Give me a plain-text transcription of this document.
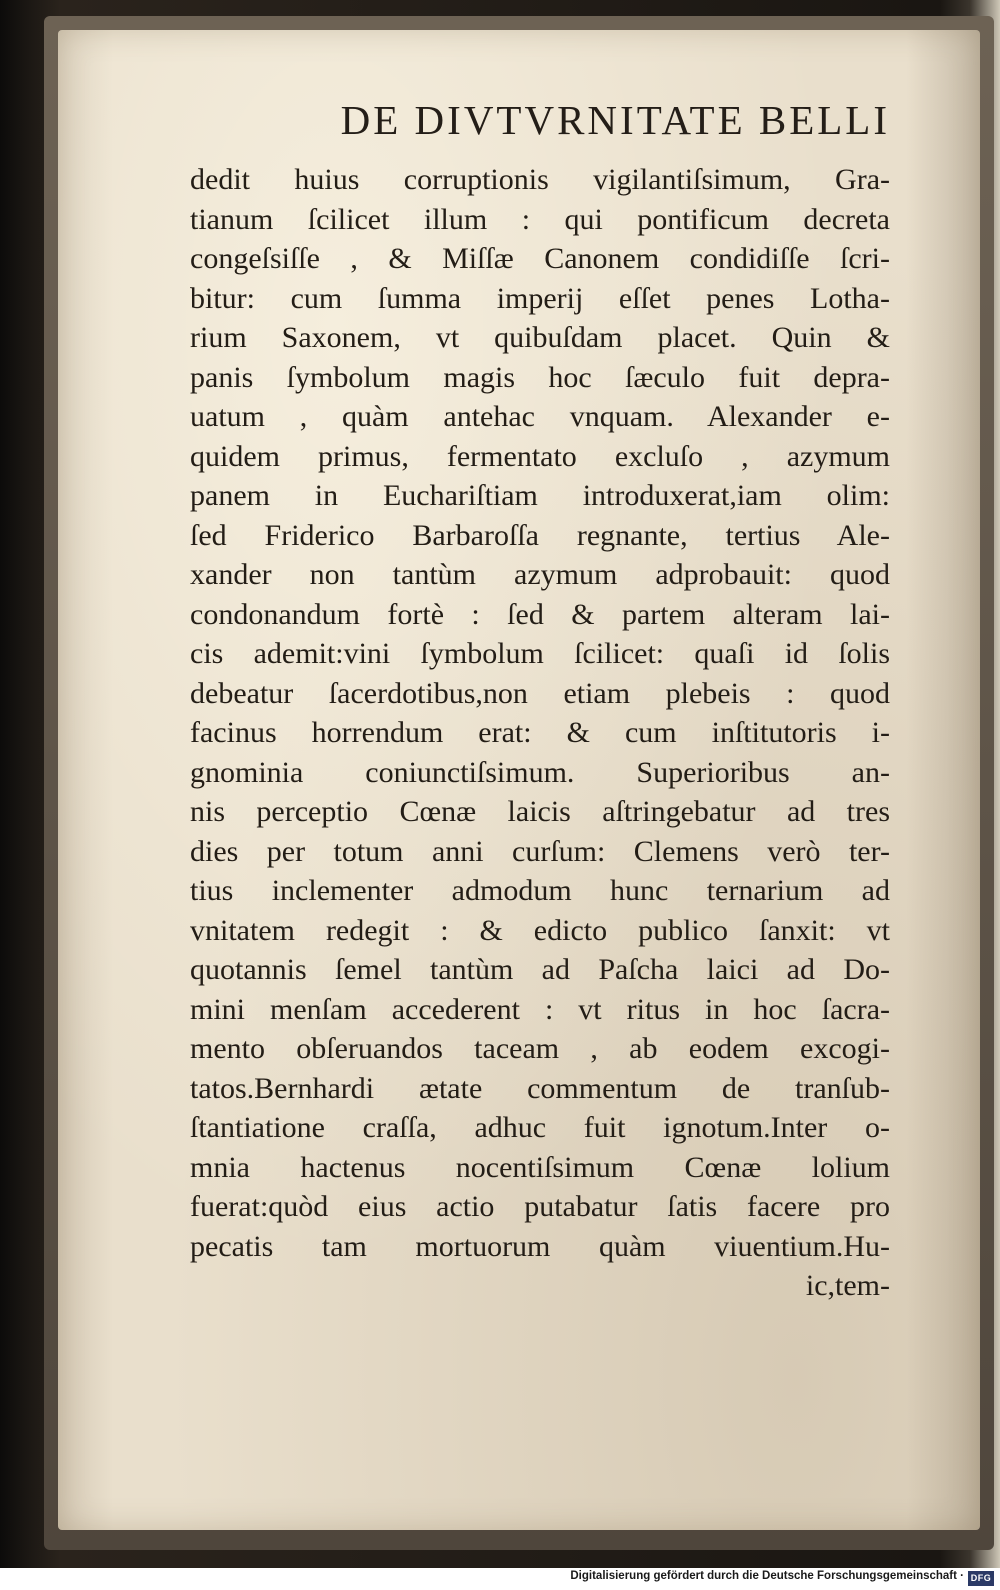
DE DIVTVRNITATE BELLI
dedit huius corruptionis vigilantiſsimum, Gra-
tianum ſcilicet illum : qui pontificum decreta
congeſsiſſe , & Miſſæ Canonem condidiſſe ſcri-
bitur: cum ſumma imperij eſſet penes Lotha-
rium Saxonem, vt quibuſdam placet. Quin &
panis ſymbolum magis hoc ſæculo fuit depra-
uatum , quàm antehac vnquam. Alexander e-
quidem primus, fermentato excluſo , azymum
panem in Euchariſtiam introduxerat,iam olim:
ſed Friderico Barbaroſſa regnante, tertius Ale-
xander non tantùm azymum adprobauit: quod
condonandum fortè : ſed & partem alteram lai-
cis ademit:vini ſymbolum ſcilicet: quaſi id ſolis
debeatur ſacerdotibus,non etiam plebeis : quod
facinus horrendum erat: & cum inſtitutoris i-
gnominia coniunctiſsimum. Superioribus an-
nis perceptio Cœnæ laicis aſtringebatur ad tres
dies per totum anni curſum: Clemens verò ter-
tius inclementer admodum hunc ternarium ad
vnitatem redegit : & edicto publico ſanxit: vt
quotannis ſemel tantùm ad Paſcha laici ad Do-
mini menſam accederent : vt ritus in hoc ſacra-
mento obſeruandos taceam , ab eodem excogi-
tatos.Bernhardi ætate commentum de tranſub-
ſtantiatione craſſa, adhuc fuit ignotum.Inter o-
mnia hactenus nocentiſsimum Cœnæ lolium
fuerat:quòd eius actio putabatur ſatis facere pro
pecatis tam mortuorum quàm viuentium.Hu-
ic,tem-
Digitalisierung gefördert durch die Deutsche Forschungsgemeinschaft · DFG
